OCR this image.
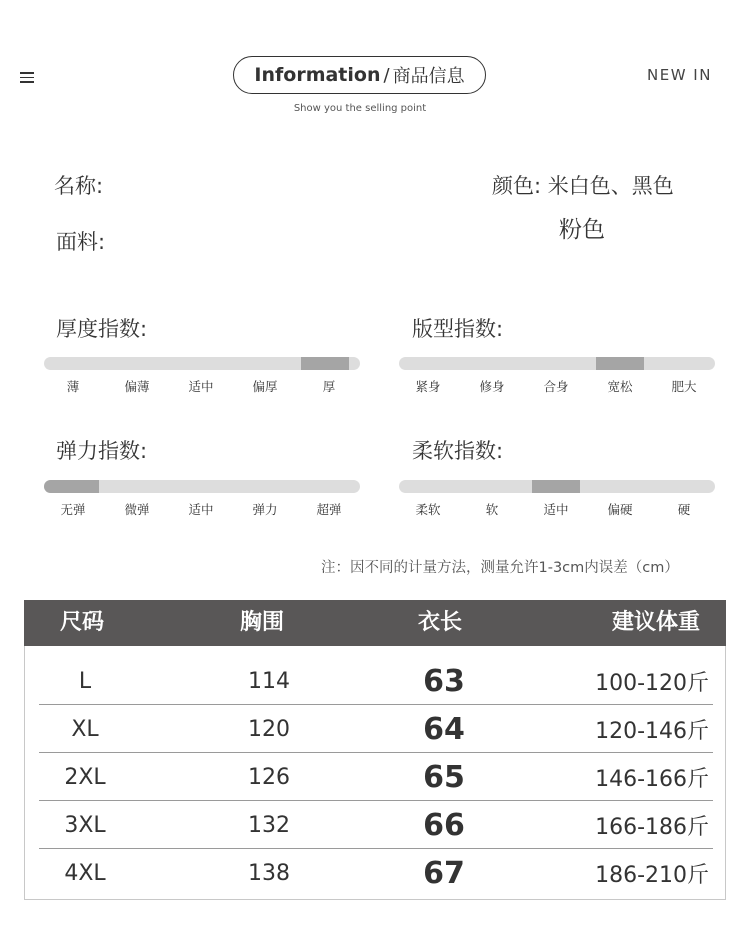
Information / 商品信息
Show you the selling point
NEW IN
名称:
面料:
颜色: 米白色、黑色
粉色
厚度指数:
薄	偏薄	适中	偏厚	厚
版型指数:
紧身	修身	合身	宽松	肥大
弹力指数:
无弹	微弹	适中	弹力	超弹
柔软指数:
柔软	软	适中	偏硬	硬
注：因不同的计量方法，测量允许1-3cm内误差（cm）
尺码	胸围	衣长	建议体重
L	114	63	100-120斤
XL	120	64	120-146斤
2XL	126	65	146-166斤
3XL	132	66	166-186斤
4XL	138	67	186-210斤
